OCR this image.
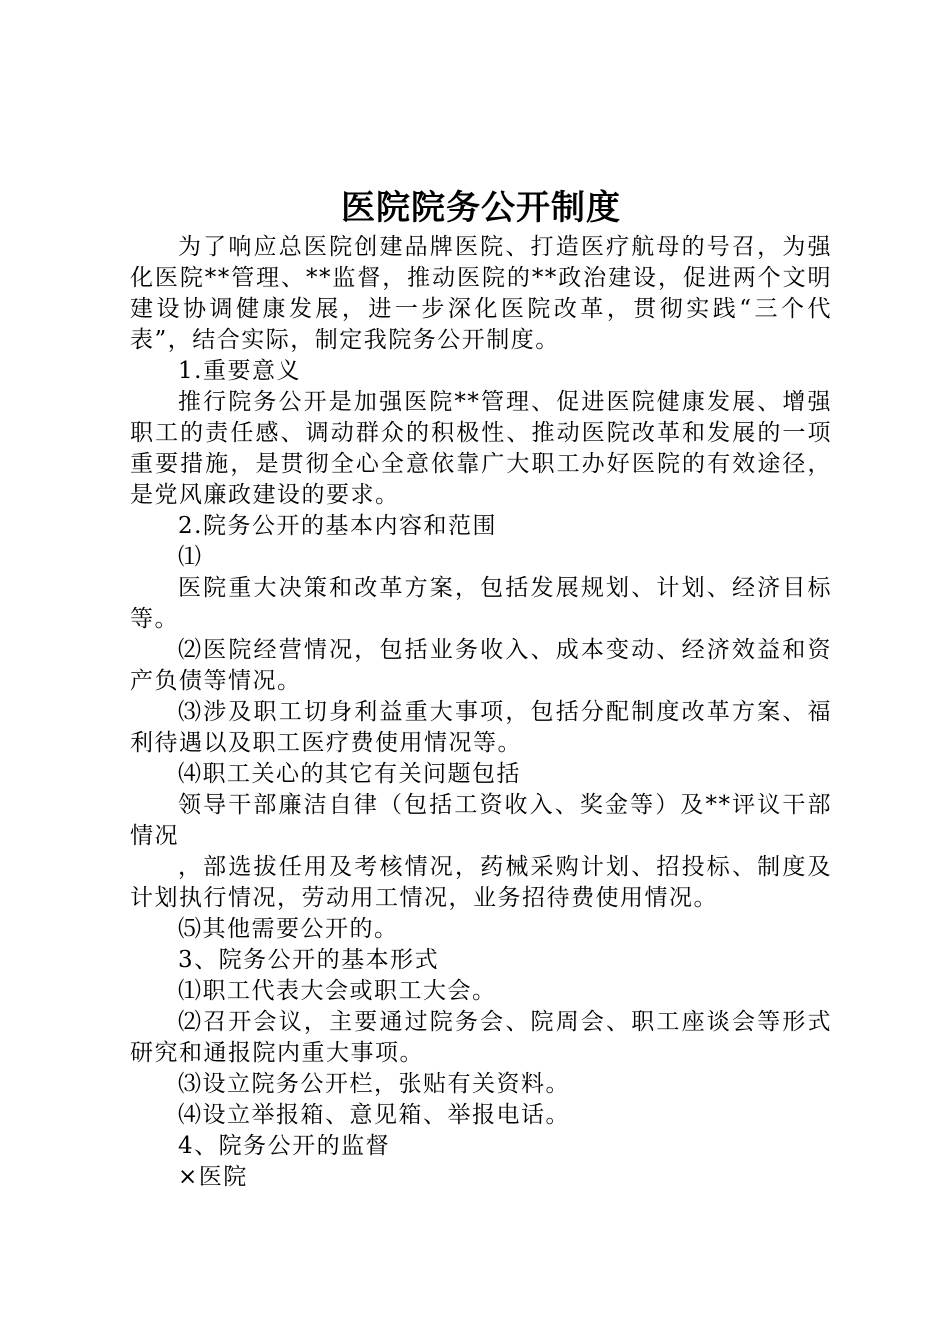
医院院务公开制度

为了响应总医院创建品牌医院、打造医疗航母的号召，为强化医院**管理、**监督，推动医院的**政治建设，促进两个文明建设协调健康发展，进一步深化医院改革，贯彻实践“三个代表”，结合实际，制定我院务公开制度。

1.重要意义

推行院务公开是加强医院**管理、促进医院健康发展、增强职工的责任感、调动群众的积极性、推动医院改革和发展的一项重要措施，是贯彻全心全意依靠广大职工办好医院的有效途径，是党风廉政建设的要求。

2.院务公开的基本内容和范围

⑴

医院重大决策和改革方案，包括发展规划、计划、经济目标等。

⑵医院经营情况，包括业务收入、成本变动、经济效益和资产负债等情况。

⑶涉及职工切身利益重大事项，包括分配制度改革方案、福利待遇以及职工医疗费使用情况等。

⑷职工关心的其它有关问题包括

领导干部廉洁自律（包括工资收入、奖金等）及**评议干部情况

，部选拔任用及考核情况，药械采购计划、招投标、制度及计划执行情况，劳动用工情况，业务招待费使用情况。

⑸其他需要公开的。

3、院务公开的基本形式

⑴职工代表大会或职工大会。

⑵召开会议，主要通过院务会、院周会、职工座谈会等形式研究和通报院内重大事项。

⑶设立院务公开栏，张贴有关资料。

⑷设立举报箱、意见箱、举报电话。

4、院务公开的监督

×医院
